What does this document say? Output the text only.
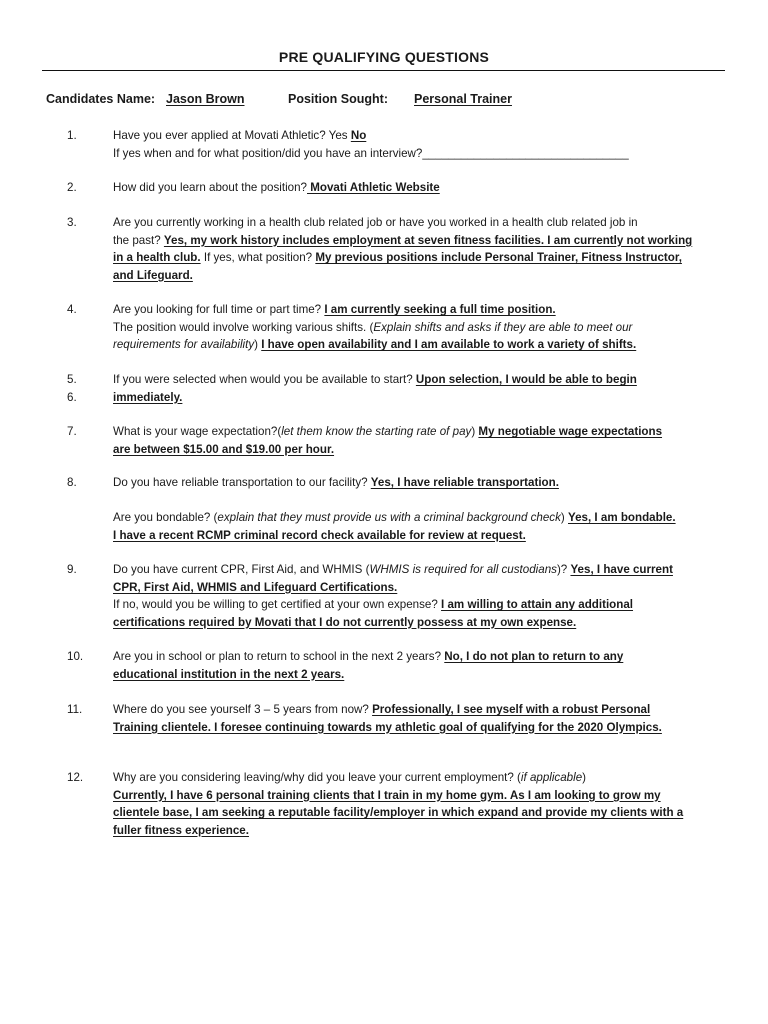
PRE QUALIFYING QUESTIONS
Candidates Name: Jason Brown	Position Sought: Personal Trainer
1.	Have you ever applied at Movati Athletic? Yes No

If yes when and for what position/did you have an interview?________________________________

2.	How did you learn about the position? Movati Athletic Website

3.	Are you currently working in a health club related job or have you worked in a health club related job in

the past? Yes, my work history includes employment at seven fitness facilities. I am currently not working

in a health club. If yes, what position? My previous positions include Personal Trainer, Fitness Instructor,

and Lifeguard.

4.	Are you looking for full time or part time? I am currently seeking a full time position.

The position would involve working various shifts. (Explain shifts and asks if they are able to meet our

requirements for availability) I have open availability and I am available to work a variety of shifts.

5.
6.

If you were selected when would you be available to start? Upon selection, I would be able to begin

immediately.

7.	What is your wage expectation?(let them know the starting rate of pay) My negotiable wage expectations

are between $15.00 and $19.00 per hour.

8.	Do you have reliable transportation to our facility? Yes, I have reliable transportation.

Are you bondable? (explain that they must provide us with a criminal background check) Yes, I am bondable.

I have a recent RCMP criminal record check available for review at request.

9.	Do you have current CPR, First Aid, and WHMIS (WHMIS is required for all custodians)? Yes, I have current

CPR, First Aid, WHMIS and Lifeguard Certifications.

If no, would you be willing to get certified at your own expense? I am willing to attain any additional

certifications required by Movati that I do not currently possess at my own expense.

10.	Are you in school or plan to return to school in the next 2 years? No, I do not plan to return to any

educational institution in the next 2 years.

11.	Where do you see yourself 3 – 5 years from now? Professionally, I see myself with a robust Personal

Training clientele. I foresee continuing towards my athletic goal of qualifying for the 2020 Olympics.

12.	Why are you considering leaving/why did you leave your current employment? (if applicable)

Currently, I have 6 personal training clients that I train in my home gym. As I am looking to grow my

clientele base, I am seeking a reputable facility/employer in which expand and provide my clients with a

fuller fitness experience.
